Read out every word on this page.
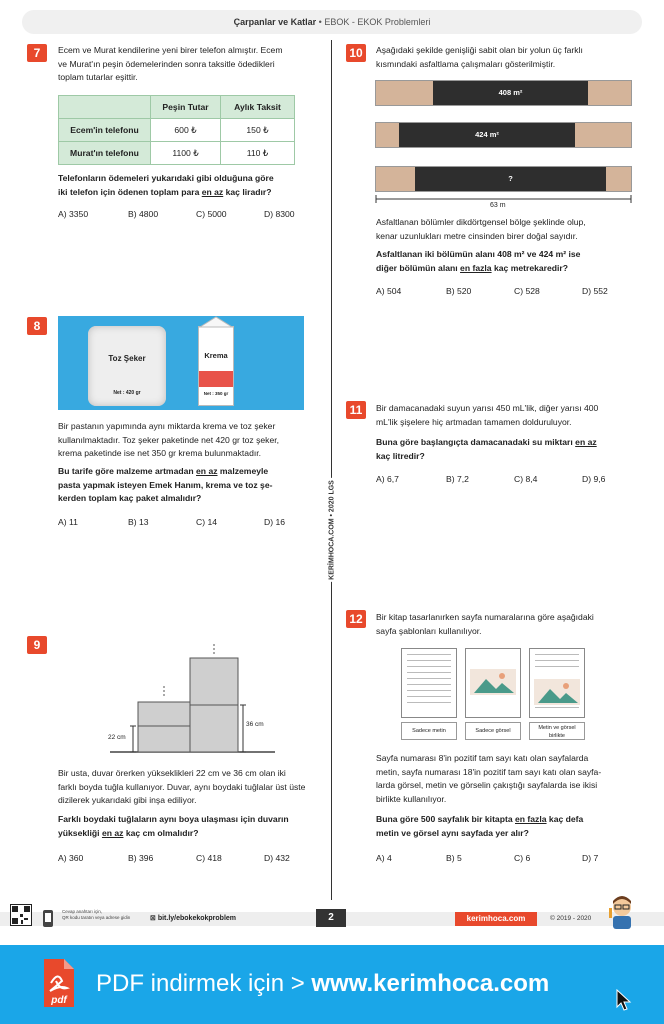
Çarpanlar ve Katlar • EBOK - EKOK Problemleri
KERİMHOCA.COM • 2020 LGS
7	Ecem ve Murat kendilerine yeni birer telefon almıştır. Ecem
ve Murat'ın peşin ödemelerinden sonra taksitle ödedikleri
toplam tutarlar eşittir.
	Peşin Tutar	Aylık Taksit
Ecem'in telefonu	600 ₺	150 ₺
Murat'ın telefonu	1100 ₺	110 ₺
Telefonların ödemeleri yukarıdaki gibi olduğuna göre
iki telefon için ödenen toplam para en az kaç liradır?
A) 3350	B) 4800	C) 5000	D) 8300
8
Toz Şeker
Net : 420 gr
Krema
Net : 350 gr
Bir pastanın yapımında aynı miktarda krema ve toz şeker
kullanılmaktadır. Toz şeker paketinde net 420 gr toz şeker,
krema paketinde ise net 350 gr krema bulunmaktadır.
Bu tarife göre malzeme artmadan en az malzemeyle
pasta yapmak isteyen Emek Hanım, krema ve toz şe-
kerden toplam kaç paket almalıdır?
A) 11	B) 13	C) 14	D) 16
9
22 cm
36 cm
Bir usta, duvar örerken yükseklikleri 22 cm ve 36 cm olan iki
farklı boyda tuğla kullanıyor. Duvar, aynı boydaki tuğlalar üst üste
dizilerek yukarıdaki gibi inşa ediliyor.
Farklı boydaki tuğlaların aynı boya ulaşması için duvarın
yüksekliği en az kaç cm olmalıdır?
A) 360	B) 396	C) 418	D) 432
10	Aşağıdaki şekilde genişliği sabit olan bir yolun üç farklı
kısmındaki asfaltlama çalışmaları gösterilmiştir.
408 m²
424 m²
?
63 m
Asfaltlanan bölümler dikdörtgensel bölge şeklinde olup,
kenar uzunlukları metre cinsinden birer doğal sayıdır.
Asfaltlanan iki bölümün alanı 408 m² ve 424 m² ise
diğer bölümün alanı en fazla kaç metrekaredir?
A) 504	B) 520	C) 528	D) 552
11	Bir damacanadaki suyun yarısı 450 mL'lik, diğer yarısı 400
mL'lik şişelere hiç artmadan tamamen dolduruluyor.
Buna göre başlangıçta damacanadaki su miktarı en az
kaç litredir?
A) 6,7	B) 7,2	C) 8,4	D) 9,6
12	Bir kitap tasarlanırken sayfa numaralarına göre aşağıdaki
sayfa şablonları kullanılıyor.
Sadece metin	Sadece görsel	Metin ve görsel birlikte
Sayfa numarası 8'in pozitif tam sayı katı olan sayfalarda
metin, sayfa numarası 18'in pozitif tam sayı katı olan sayfa-
larda görsel, metin ve görselin çakıştığı sayfalarda ise ikisi
birlikte kullanılıyor.
Buna göre 500 sayfalık bir kitapta en fazla kaç defa
metin ve görsel aynı sayfada yer alır?
A) 4	B) 5	C) 6	D) 7
Cevap anahtarı için,
QR kodu taratın veya adrese gidin	⊠ bit.ly/ebokekokproblem	2	kerimhoca.com	© 2019 - 2020
pdf
PDF indirmek için > www.kerimhoca.com
